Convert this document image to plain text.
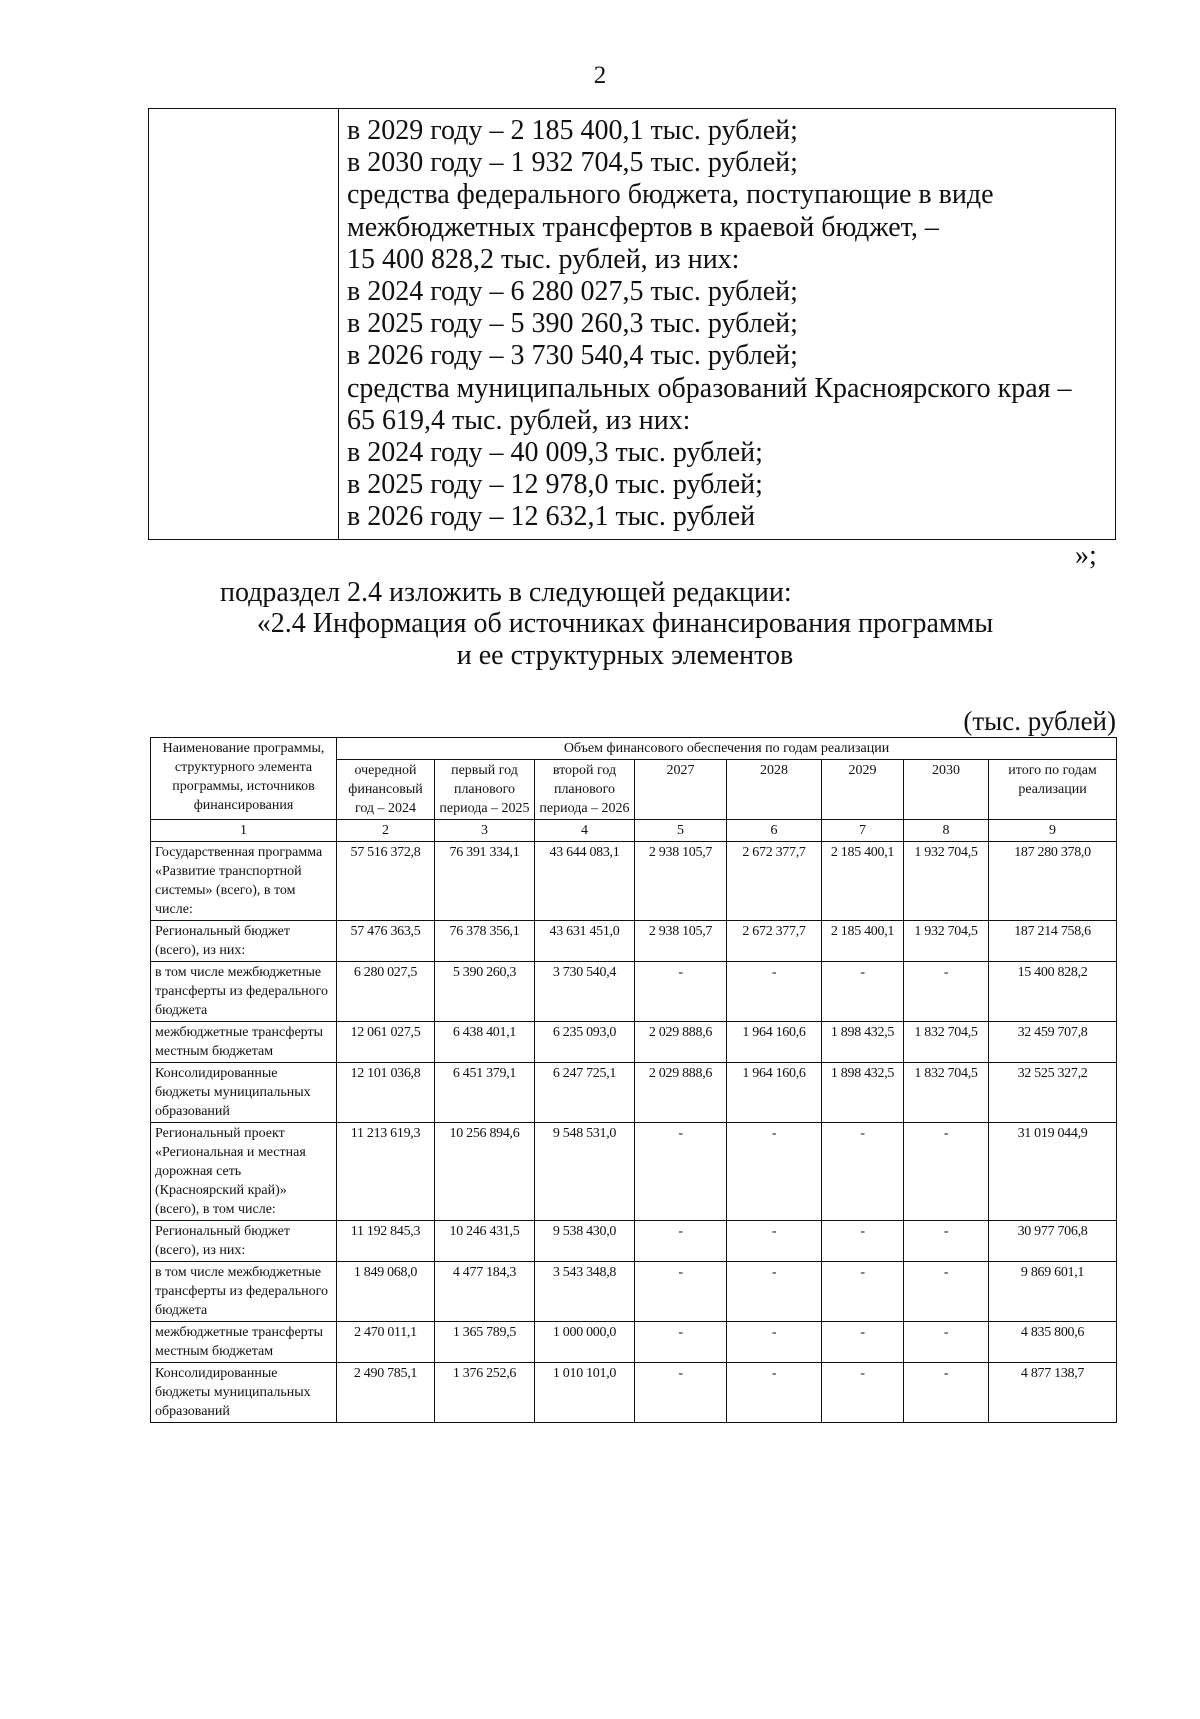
2
в 2029 году – 2 185 400,1 тыс. рублей;
в 2030 году – 1 932 704,5 тыс. рублей;
средства федерального бюджета, поступающие в виде
межбюджетных трансфертов в краевой бюджет, –
15 400 828,2 тыс. рублей, из них:
в 2024 году – 6 280 027,5 тыс. рублей;
в 2025 году – 5 390 260,3 тыс. рублей;
в 2026 году – 3 730 540,4 тыс. рублей;
средства муниципальных образований Красноярского края –
65 619,4 тыс. рублей, из них:
в 2024 году – 40 009,3 тыс. рублей;
в 2025 году – 12 978,0 тыс. рублей;
в 2026 году – 12 632,1 тыс. рублей
»;
подраздел 2.4 изложить в следующей редакции:
«2.4 Информация об источниках финансирования программы
и ее структурных элементов
(тыс. рублей)
Наименование программы, структурного элемента программы, источников финансирования	Объем финансового обеспечения по годам реализации							
	очередной финансовый год – 2024	первый год планового периода – 2025	второй год планового периода – 2026	2027	2028	2029	2030	итого по годам реализации
1	2	3	4	5	6	7	8	9
Государственная программа «Развитие транспортной системы» (всего), в том числе:	57 516 372,8	76 391 334,1	43 644 083,1	2 938 105,7	2 672 377,7	2 185 400,1	1 932 704,5	187 280 378,0
Региональный бюджет (всего), из них:	57 476 363,5	76 378 356,1	43 631 451,0	2 938 105,7	2 672 377,7	2 185 400,1	1 932 704,5	187 214 758,6
в том числе межбюджетные трансферты из федерального бюджета	6 280 027,5	5 390 260,3	3 730 540,4	-	-	-	-	15 400 828,2
межбюджетные трансферты местным бюджетам	12 061 027,5	6 438 401,1	6 235 093,0	2 029 888,6	1 964 160,6	1 898 432,5	1 832 704,5	32 459 707,8
Консолидированные бюджеты муниципальных образований	12 101 036,8	6 451 379,1	6 247 725,1	2 029 888,6	1 964 160,6	1 898 432,5	1 832 704,5	32 525 327,2
Региональный проект «Региональная и местная дорожная сеть (Красноярский край)» (всего), в том числе:	11 213 619,3	10 256 894,6	9 548 531,0	-	-	-	-	31 019 044,9
Региональный бюджет (всего), из них:	11 192 845,3	10 246 431,5	9 538 430,0	-	-	-	-	30 977 706,8
в том числе межбюджетные трансферты из федерального бюджета	1 849 068,0	4 477 184,3	3 543 348,8	-	-	-	-	9 869 601,1
межбюджетные трансферты местным бюджетам	2 470 011,1	1 365 789,5	1 000 000,0	-	-	-	-	4 835 800,6
Консолидированные бюджеты муниципальных образований	2 490 785,1	1 376 252,6	1 010 101,0	-	-	-	-	4 877 138,7
